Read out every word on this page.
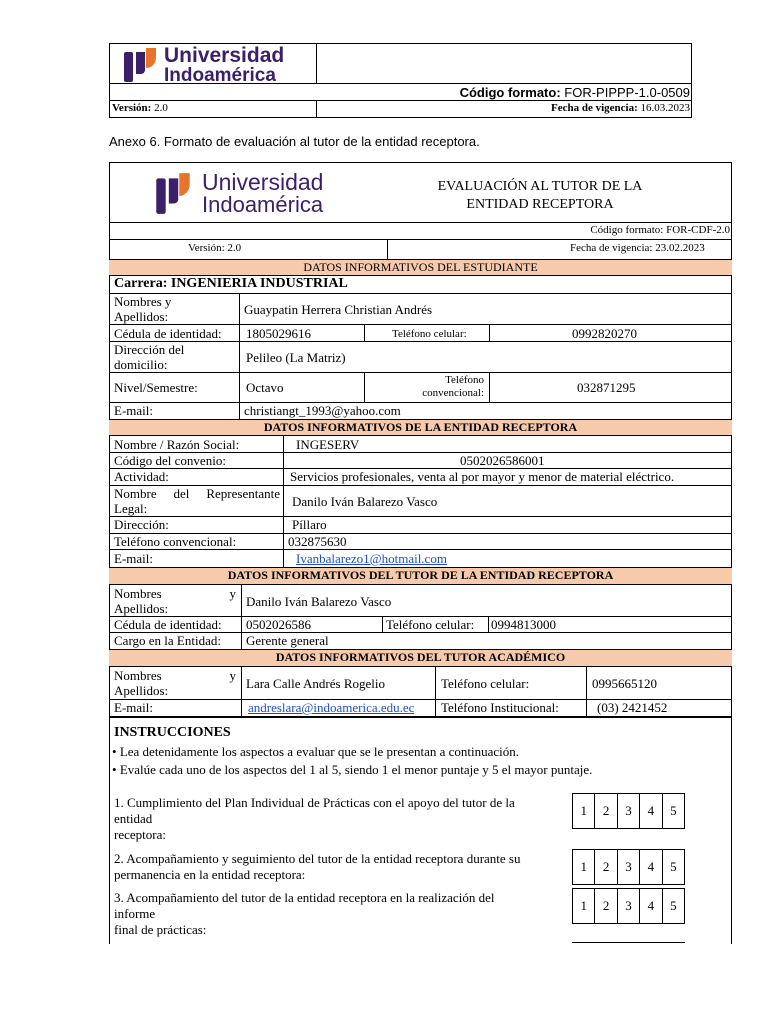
Universidad
Indoamérica
Código formato: FOR-PIPPP-1.0-0509
Versión: 2.0	Fecha de vigencia: 16.03.2023
Anexo 6. Formato de evaluación al tutor de la entidad receptora.
Universidad
Indoamérica
EVALUACIÓN AL TUTOR DE LA
ENTIDAD RECEPTORA
Código formato: FOR-CDF-2.0
Versión: 2.0	Fecha de vigencia: 23.02.2023
DATOS INFORMATIVOS DEL ESTUDIANTE
Carrera: INGENIERIA INDUSTRIAL
Nombres y
Apellidos:	Guaypatin Herrera Christian Andrés
Cédula de identidad: 1805029616	Teléfono celular:	0992820270
Dirección del
domicilio:	Pelileo (La Matriz)
Nivel/Semestre:	Octavo	Teléfono
convencional:	032871295
E-mail:	christiangt_1993@yahoo.com
DATOS INFORMATIVOS DE LA ENTIDAD RECEPTORA
Nombre / Razón Social:	INGESERV
Código del convenio:	0502026586001
Actividad:	Servicios profesionales, venta al por mayor y menor de material eléctrico.
Nombre del Representante
Legal:	Danilo Iván Balarezo Vasco
Dirección:	Píllaro
Teléfono convencional:	032875630
E-mail:	Ivanbalarezo1@hotmail.com
DATOS INFORMATIVOS DEL TUTOR DE LA ENTIDAD RECEPTORA
Nombres	y
Apellidos:	Danilo Iván Balarezo Vasco
Cédula de identidad: 0502026586	Teléfono celular: 0994813000
Cargo en la Entidad: Gerente general
DATOS INFORMATIVOS DEL TUTOR ACADÉMICO
Nombres	y
Apellidos:	Lara Calle Andrés Rogelio	Teléfono celular:	0995665120
E-mail:	andreslara@indoamerica.edu.ec Teléfono Institucional:	(03) 2421452
INSTRUCCIONES
• Lea detenidamente los aspectos a evaluar que se le presentan a continuación.
• Evalúe cada uno de los aspectos del 1 al 5, siendo 1 el menor puntaje y 5 el mayor puntaje.
1. Cumplimiento del Plan Individual de Prácticas con el apoyo del tutor de la
entidad
receptora:
1	2	3	4	5
2. Acompañamiento y seguimiento del tutor de la entidad receptora durante su
permanencia en la entidad receptora:
1	2	3	4	5
3. Acompañamiento del tutor de la entidad receptora en la realización del
informe
final de prácticas:
1	2	3	4	5
